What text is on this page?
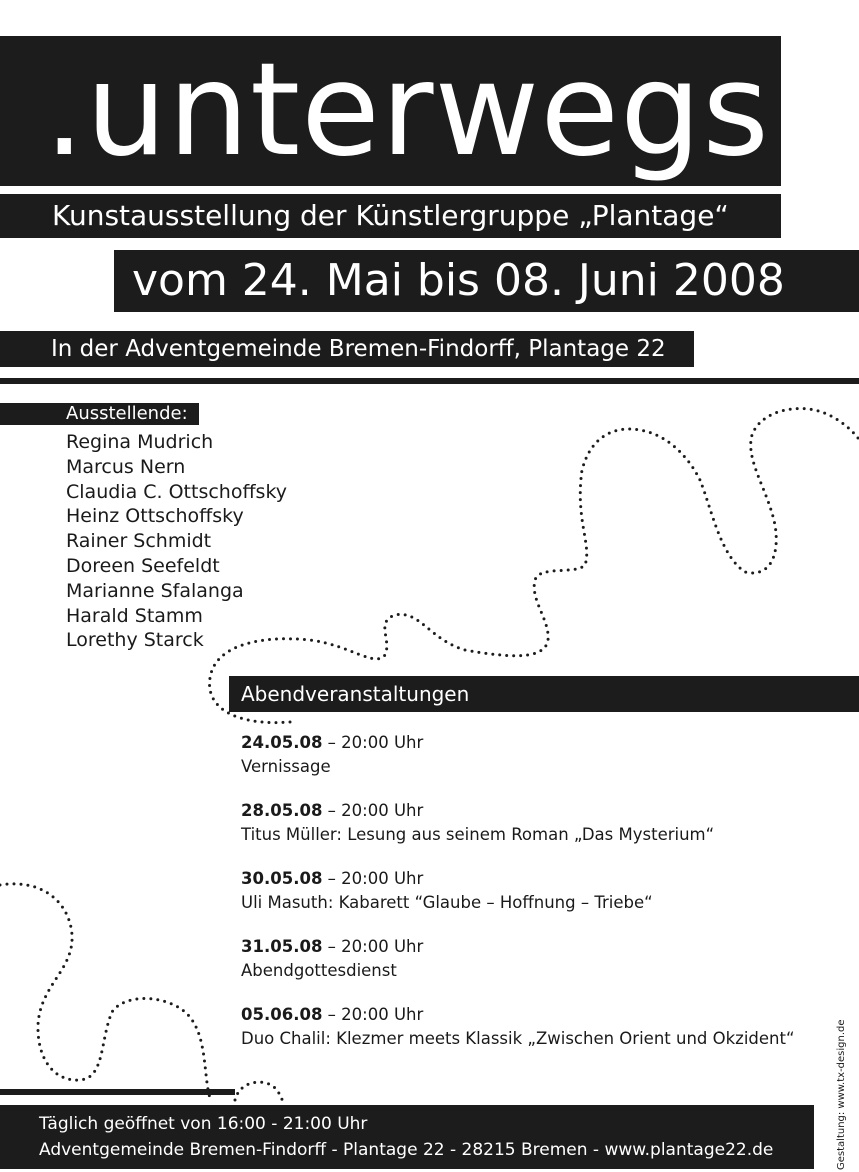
.unterwegs
Kunstausstellung der Künstlergruppe „Plantage“
vom 24. Mai bis 08. Juni 2008
In der Adventgemeinde Bremen-Findorff, Plantage 22
Ausstellende:
Regina Mudrich
Marcus Nern
Claudia C. Ottschoffsky
Heinz Ottschoffsky
Rainer Schmidt
Doreen Seefeldt
Marianne Sfalanga
Harald Stamm
Lorethy Starck
Abendveranstaltungen
24.05.08 – 20:00 Uhr
Vernissage
28.05.08 – 20:00 Uhr
Titus Müller: Lesung aus seinem Roman „Das Mysterium“
30.05.08 – 20:00 Uhr
Uli Masuth: Kabarett “Glaube – Hoffnung – Triebe“
31.05.08 – 20:00 Uhr
Abendgottesdienst
05.06.08 – 20:00 Uhr
Duo Chalil: Klezmer meets Klassik „Zwischen Orient und Okzident“
Täglich geöffnet von 16:00 - 21:00 Uhr
Adventgemeinde Bremen-Findorff - Plantage 22 - 28215 Bremen - www.plantage22.de	Gestaltung: www.tx-design.de
